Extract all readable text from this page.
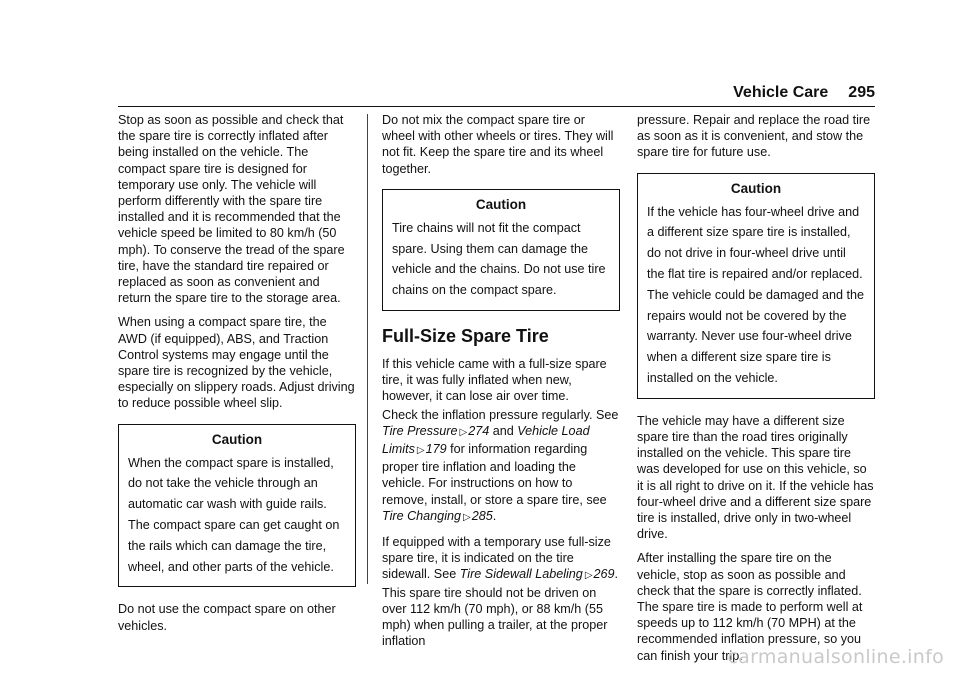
Vehicle Care 295

Stop as soon as possible and check that the spare tire is correctly inflated after being installed on the vehicle. The compact spare tire is designed for temporary use only. The vehicle will perform differently with the spare tire installed and it is recommended that the vehicle speed be limited to 80 km/h (50 mph). To conserve the tread of the spare tire, have the standard tire repaired or replaced as soon as convenient and return the spare tire to the storage area.

When using a compact spare tire, the AWD (if equipped), ABS, and Traction Control systems may engage until the spare tire is recognized by the vehicle, especially on slippery roads. Adjust driving to reduce possible wheel slip.

Caution
When the compact spare is installed, do not take the vehicle through an automatic car wash with guide rails. The compact spare can get caught on the rails which can damage the tire, wheel, and other parts of the vehicle.

Do not use the compact spare on other vehicles.

Do not mix the compact spare tire or wheel with other wheels or tires. They will not fit. Keep the spare tire and its wheel together.

Caution
Tire chains will not fit the compact spare. Using them can damage the vehicle and the chains. Do not use tire chains on the compact spare.
Full-Size Spare Tire

If this vehicle came with a full-size spare tire, it was fully inflated when new, however, it can lose air over time.

Check the inflation pressure regularly. See Tire Pressure ▷274 and Vehicle Load Limits ▷179 for information regarding proper tire inflation and loading the vehicle. For instructions on how to remove, install, or store a spare tire, see Tire Changing ▷285.

If equipped with a temporary use full-size spare tire, it is indicated on the tire sidewall. See Tire Sidewall Labeling ▷269. This spare tire should not be driven on over 112 km/h (70 mph), or 88 km/h (55 mph) when pulling a trailer, at the proper inflation

pressure. Repair and replace the road tire as soon as it is convenient, and stow the spare tire for future use.

Caution
If the vehicle has four-wheel drive and a different size spare tire is installed, do not drive in four-wheel drive until the flat tire is repaired and/or replaced. The vehicle could be damaged and the repairs would not be covered by the warranty. Never use four-wheel drive when a different size spare tire is installed on the vehicle.

The vehicle may have a different size spare tire than the road tires originally installed on the vehicle. This spare tire was developed for use on this vehicle, so it is all right to drive on it. If the vehicle has four-wheel drive and a different size spare tire is installed, drive only in two-wheel drive.

After installing the spare tire on the vehicle, stop as soon as possible and check that the spare is correctly inflated. The spare tire is made to perform well at speeds up to 112 km/h (70 MPH) at the recommended inflation pressure, so you can finish your trip.

carmanualsonline.info
